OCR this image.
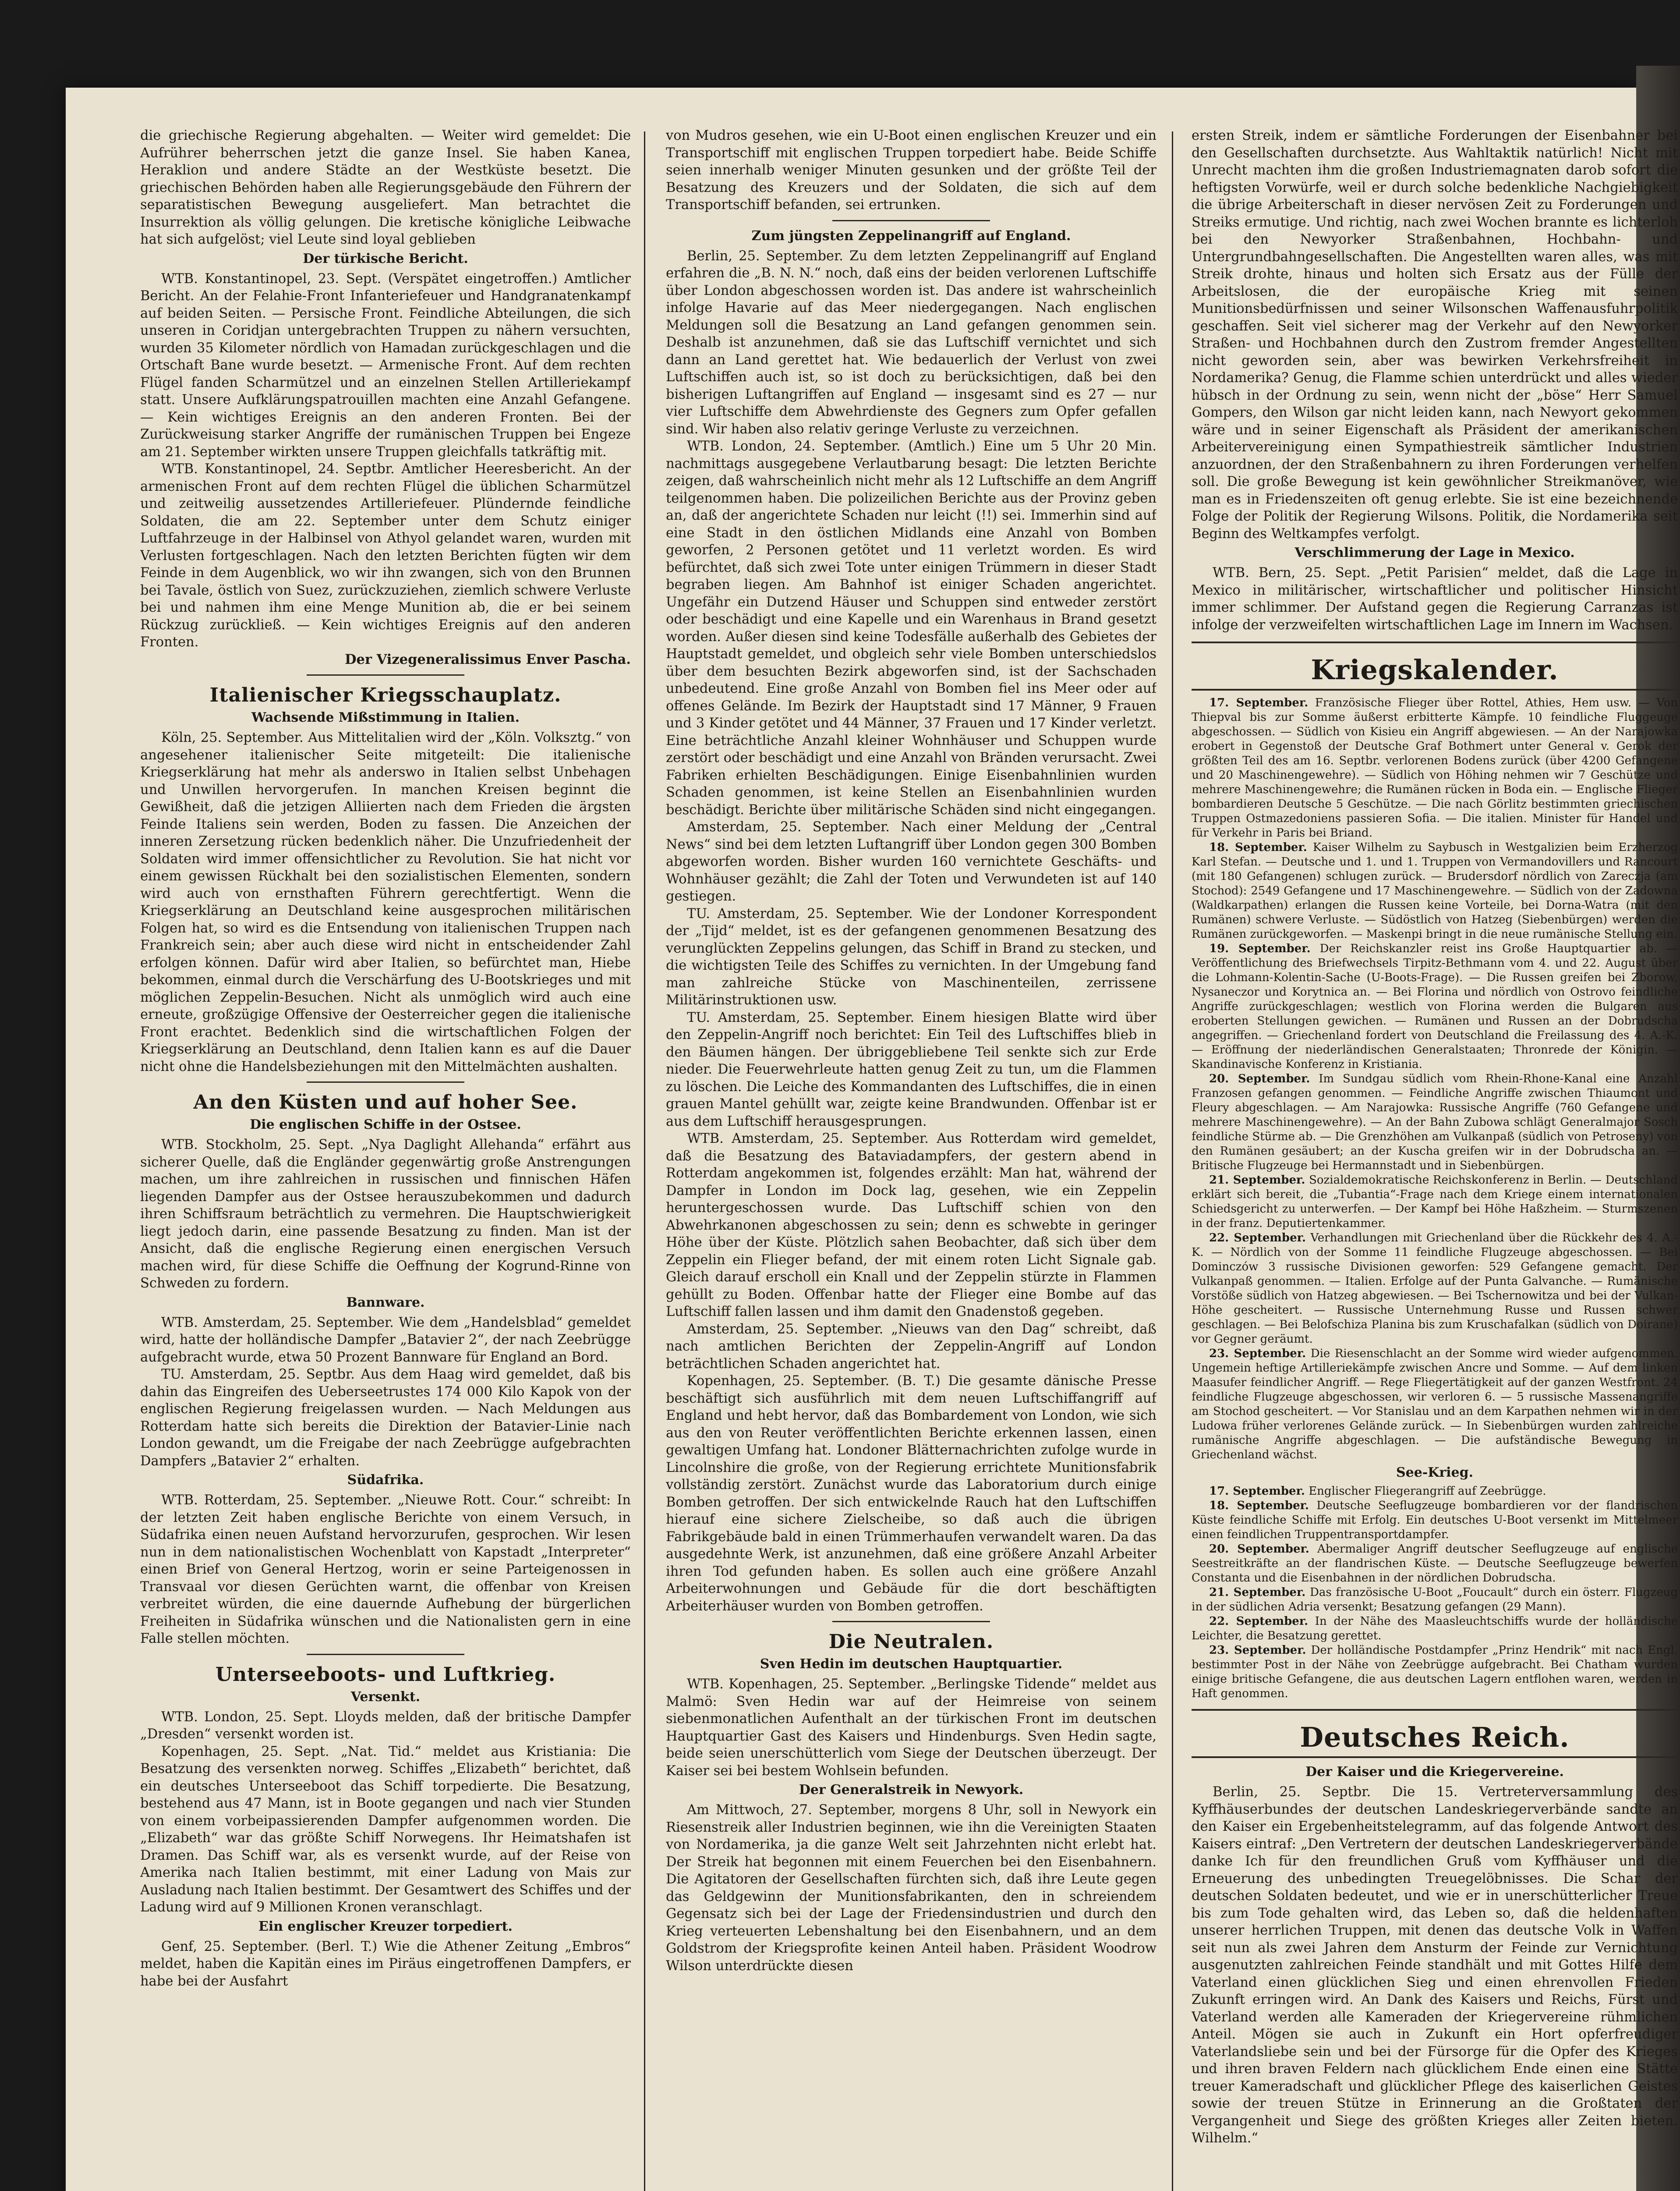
die griechische Regierung abgehalten. — Weiter wird gemeldet: Die Aufrührer beherrschen jetzt die ganze Insel. Sie haben Kanea, Heraklion und andere Städte an der Westküste besetzt. Die griechischen Behörden haben alle Regierungsgebäude den Führern der separatistischen Bewegung ausgeliefert. Man betrachtet die Insurrektion als völlig gelungen. Die kretische königliche Leibwache hat sich aufgelöst; viel Leute sind loyal geblieben

Der türkische Bericht.

WTB. Konstantinopel, 23. Sept. (Verspätet eingetroffen.) Amtlicher Bericht. An der Felahie-Front Infanteriefeuer und Handgranatenkampf auf beiden Seiten. — Persische Front. Feindliche Abteilungen, die sich unseren in Coridjan untergebrachten Truppen zu nähern versuchten, wurden 35 Kilometer nördlich von Hamadan zurückgeschlagen und die Ortschaft Bane wurde besetzt. — Armenische Front. Auf dem rechten Flügel fanden Scharmützel und an einzelnen Stellen Artilleriekampf statt. Unsere Aufklärungspatrouillen machten eine Anzahl Gefangene. — Kein wichtiges Ereignis an den anderen Fronten. Bei der Zurückweisung starker Angriffe der rumänischen Truppen bei Engeze am 21. September wirkten unsere Truppen gleichfalls tatkräftig mit.

WTB. Konstantinopel, 24. Septbr. Amtlicher Heeresbericht. An der armenischen Front auf dem rechten Flügel die üblichen Scharmützel und zeitweilig aussetzendes Artilleriefeuer. Plündernde feindliche Soldaten, die am 22. September unter dem Schutz einiger Luftfahrzeuge in der Halbinsel von Athyol gelandet waren, wurden mit Verlusten fortgeschlagen. Nach den letzten Berichten fügten wir dem Feinde in dem Augenblick, wo wir ihn zwangen, sich von den Brunnen bei Tavale, östlich von Suez, zurückzuziehen, ziemlich schwere Verluste bei und nahmen ihm eine Menge Munition ab, die er bei seinem Rückzug zurückließ. — Kein wichtiges Ereignis auf den anderen Fronten.

Der Vizegeneralissimus Enver Pascha.

Italienischer Kriegsschauplatz.
Wachsende Mißstimmung in Italien.

Köln, 25. September. Aus Mittelitalien wird der „Köln. Volksztg.“ von angesehener italienischer Seite mitgeteilt: Die italienische Kriegserklärung hat mehr als anderswo in Italien selbst Unbehagen und Unwillen hervorgerufen. In manchen Kreisen beginnt die Gewißheit, daß die jetzigen Alliierten nach dem Frieden die ärgsten Feinde Italiens sein werden, Boden zu fassen. Die Anzeichen der inneren Zersetzung rücken bedenklich näher. Die Unzufriedenheit der Soldaten wird immer offensichtlicher zu Revolution. Sie hat nicht vor einem gewissen Rückhalt bei den sozialistischen Elementen, sondern wird auch von ernsthaften Führern gerechtfertigt. Wenn die Kriegserklärung an Deutschland keine ausgesprochen militärischen Folgen hat, so wird es die Entsendung von italienischen Truppen nach Frankreich sein; aber auch diese wird nicht in entscheidender Zahl erfolgen können. Dafür wird aber Italien, so befürchtet man, Hiebe bekommen, einmal durch die Verschärfung des U-Bootskrieges und mit möglichen Zeppelin-Besuchen. Nicht als unmöglich wird auch eine erneute, großzügige Offensive der Oesterreicher gegen die italienische Front erachtet. Bedenklich sind die wirtschaftlichen Folgen der Kriegserklärung an Deutschland, denn Italien kann es auf die Dauer nicht ohne die Handelsbeziehungen mit den Mittelmächten aushalten.

An den Küsten und auf hoher See.
Die englischen Schiffe in der Ostsee.

WTB. Stockholm, 25. Sept. „Nya Daglight Allehanda“ erfährt aus sicherer Quelle, daß die Engländer gegenwärtig große Anstrengungen machen, um ihre zahlreichen in russischen und finnischen Häfen liegenden Dampfer aus der Ostsee herauszubekommen und dadurch ihren Schiffsraum beträchtlich zu vermehren. Die Hauptschwierigkeit liegt jedoch darin, eine passende Besatzung zu finden. Man ist der Ansicht, daß die englische Regierung einen energischen Versuch machen wird, für diese Schiffe die Oeffnung der Kogrund-Rinne von Schweden zu fordern.

Bannware.

WTB. Amsterdam, 25. September. Wie dem „Handelsblad“ gemeldet wird, hatte der holländische Dampfer „Batavier 2“, der nach Zeebrügge aufgebracht wurde, etwa 50 Prozent Bannware für England an Bord.

TU. Amsterdam, 25. Septbr. Aus dem Haag wird gemeldet, daß bis dahin das Eingreifen des Ueberseetrustes 174 000 Kilo Kapok von der englischen Regierung freigelassen wurden. — Nach Meldungen aus Rotterdam hatte sich bereits die Direktion der Batavier-Linie nach London gewandt, um die Freigabe der nach Zeebrügge aufgebrachten Dampfers „Batavier 2“ erhalten.

Südafrika.

WTB. Rotterdam, 25. September. „Nieuwe Rott. Cour.“ schreibt: In der letzten Zeit haben englische Berichte von einem Versuch, in Südafrika einen neuen Aufstand hervorzurufen, gesprochen. Wir lesen nun in dem nationalistischen Wochenblatt von Kapstadt „Interpreter“ einen Brief von General Hertzog, worin er seine Parteigenossen in Transvaal vor diesen Gerüchten warnt, die offenbar von Kreisen verbreitet würden, die eine dauernde Aufhebung der bürgerlichen Freiheiten in Südafrika wünschen und die Nationalisten gern in eine Falle stellen möchten.

Unterseeboots- und Luftkrieg.
Versenkt.

WTB. London, 25. Sept. Lloyds melden, daß der britische Dampfer „Dresden“ versenkt worden ist.

Kopenhagen, 25. Sept. „Nat. Tid.“ meldet aus Kristiania: Die Besatzung des versenkten norweg. Schiffes „Elizabeth“ berichtet, daß ein deutsches Unterseeboot das Schiff torpedierte. Die Besatzung, bestehend aus 47 Mann, ist in Boote gegangen und nach vier Stunden von einem vorbeipassierenden Dampfer aufgenommen worden. Die „Elizabeth“ war das größte Schiff Norwegens. Ihr Heimatshafen ist Dramen. Das Schiff war, als es versenkt wurde, auf der Reise von Amerika nach Italien bestimmt, mit einer Ladung von Mais zur Ausladung nach Italien bestimmt. Der Gesamtwert des Schiffes und der Ladung wird auf 9 Millionen Kronen veranschlagt.

Ein englischer Kreuzer torpediert.

Genf, 25. September. (Berl. T.) Wie die Athener Zeitung „Embros“ meldet, haben die Kapitän eines im Piräus eingetroffenen Dampfers, er habe bei der Ausfahrt

von Mudros gesehen, wie ein U-Boot einen englischen Kreuzer und ein Transportschiff mit englischen Truppen torpediert habe. Beide Schiffe seien innerhalb weniger Minuten gesunken und der größte Teil der Besatzung des Kreuzers und der Soldaten, die sich auf dem Transportschiff befanden, sei ertrunken.

Zum jüngsten Zeppelinangriff auf England.

Berlin, 25. September. Zu dem letzten Zeppelinangriff auf England erfahren die „B. N. N.“ noch, daß eins der beiden verlorenen Luftschiffe über London abgeschossen worden ist. Das andere ist wahrscheinlich infolge Havarie auf das Meer niedergegangen. Nach englischen Meldungen soll die Besatzung an Land gefangen genommen sein. Deshalb ist anzunehmen, daß sie das Luftschiff vernichtet und sich dann an Land gerettet hat. Wie bedauerlich der Verlust von zwei Luftschiffen auch ist, so ist doch zu berücksichtigen, daß bei den bisherigen Luftangriffen auf England — insgesamt sind es 27 — nur vier Luftschiffe dem Abwehrdienste des Gegners zum Opfer gefallen sind. Wir haben also relativ geringe Verluste zu verzeichnen.

WTB. London, 24. September. (Amtlich.) Eine um 5 Uhr 20 Min. nachmittags ausgegebene Verlautbarung besagt: Die letzten Berichte zeigen, daß wahrscheinlich nicht mehr als 12 Luftschiffe an dem Angriff teilgenommen haben. Die polizeilichen Berichte aus der Provinz geben an, daß der angerichtete Schaden nur leicht (!!) sei. Immerhin sind auf eine Stadt in den östlichen Midlands eine Anzahl von Bomben geworfen, 2 Personen getötet und 11 verletzt worden. Es wird befürchtet, daß sich zwei Tote unter einigen Trümmern in dieser Stadt begraben liegen. Am Bahnhof ist einiger Schaden angerichtet. Ungefähr ein Dutzend Häuser und Schuppen sind entweder zerstört oder beschädigt und eine Kapelle und ein Warenhaus in Brand gesetzt worden. Außer diesen sind keine Todesfälle außerhalb des Gebietes der Hauptstadt gemeldet, und obgleich sehr viele Bomben unterschiedslos über dem besuchten Bezirk abgeworfen sind, ist der Sachschaden unbedeutend. Eine große Anzahl von Bomben fiel ins Meer oder auf offenes Gelände. Im Bezirk der Hauptstadt sind 17 Männer, 9 Frauen und 3 Kinder getötet und 44 Männer, 37 Frauen und 17 Kinder verletzt. Eine beträchtliche Anzahl kleiner Wohnhäuser und Schuppen wurde zerstört oder beschädigt und eine Anzahl von Bränden verursacht. Zwei Fabriken erhielten Beschädigungen. Einige Eisenbahnlinien wurden Schaden genommen, ist keine Stellen an Eisenbahnlinien wurden beschädigt. Berichte über militärische Schäden sind nicht eingegangen.

Amsterdam, 25. September. Nach einer Meldung der „Central News“ sind bei dem letzten Luftangriff über London gegen 300 Bomben abgeworfen worden. Bisher wurden 160 vernichtete Geschäfts- und Wohnhäuser gezählt; die Zahl der Toten und Verwundeten ist auf 140 gestiegen.

TU. Amsterdam, 25. September. Wie der Londoner Korrespondent der „Tijd“ meldet, ist es der gefangenen genommenen Besatzung des verunglückten Zeppelins gelungen, das Schiff in Brand zu stecken, und die wichtigsten Teile des Schiffes zu vernichten. In der Umgebung fand man zahlreiche Stücke von Maschinenteilen, zerrissene Militärinstruktionen usw.

TU. Amsterdam, 25. September. Einem hiesigen Blatte wird über den Zeppelin-Angriff noch berichtet: Ein Teil des Luftschiffes blieb in den Bäumen hängen. Der übriggebliebene Teil senkte sich zur Erde nieder. Die Feuerwehrleute hatten genug Zeit zu tun, um die Flammen zu löschen. Die Leiche des Kommandanten des Luftschiffes, die in einen grauen Mantel gehüllt war, zeigte keine Brandwunden. Offenbar ist er aus dem Luftschiff herausgesprungen.

WTB. Amsterdam, 25. September. Aus Rotterdam wird gemeldet, daß die Besatzung des Bataviadampfers, der gestern abend in Rotterdam angekommen ist, folgendes erzählt: Man hat, während der Dampfer in London im Dock lag, gesehen, wie ein Zeppelin heruntergeschossen wurde. Das Luftschiff schien von den Abwehrkanonen abgeschossen zu sein; denn es schwebte in geringer Höhe über der Küste. Plötzlich sahen Beobachter, daß sich über dem Zeppelin ein Flieger befand, der mit einem roten Licht Signale gab. Gleich darauf erscholl ein Knall und der Zeppelin stürzte in Flammen gehüllt zu Boden. Offenbar hatte der Flieger eine Bombe auf das Luftschiff fallen lassen und ihm damit den Gnadenstoß gegeben.

Amsterdam, 25. September. „Nieuws van den Dag“ schreibt, daß nach amtlichen Berichten der Zeppelin-Angriff auf London beträchtlichen Schaden angerichtet hat.

Kopenhagen, 25. September. (B. T.) Die gesamte dänische Presse beschäftigt sich ausführlich mit dem neuen Luftschiffangriff auf England und hebt hervor, daß das Bombardement von London, wie sich aus den von Reuter veröffentlichten Berichte erkennen lassen, einen gewaltigen Umfang hat. Londoner Blätternachrichten zufolge wurde in Lincolnshire die große, von der Regierung errichtete Munitionsfabrik vollständig zerstört. Zunächst wurde das Laboratorium durch einige Bomben getroffen. Der sich entwickelnde Rauch hat den Luftschiffen hierauf eine sichere Zielscheibe, so daß auch die übrigen Fabrikgebäude bald in einen Trümmerhaufen verwandelt waren. Da das ausgedehnte Werk, ist anzunehmen, daß eine größere Anzahl Arbeiter ihren Tod gefunden haben. Es sollen auch eine größere Anzahl Arbeiterwohnungen und Gebäude für die dort beschäftigten Arbeiterhäuser wurden von Bomben getroffen.

Die Neutralen.
Sven Hedin im deutschen Hauptquartier.

WTB. Kopenhagen, 25. September. „Berlingske Tidende“ meldet aus Malmö: Sven Hedin war auf der Heimreise von seinem siebenmonatlichen Aufenthalt an der türkischen Front im deutschen Hauptquartier Gast des Kaisers und Hindenburgs. Sven Hedin sagte, beide seien unerschütterlich vom Siege der Deutschen überzeugt. Der Kaiser sei bei bestem Wohlsein befunden.

Der Generalstreik in Newyork.

Am Mittwoch, 27. September, morgens 8 Uhr, soll in Newyork ein Riesenstreik aller Industrien beginnen, wie ihn die Vereinigten Staaten von Nordamerika, ja die ganze Welt seit Jahrzehnten nicht erlebt hat. Der Streik hat begonnen mit einem Feuerchen bei den Eisenbahnern. Die Agitatoren der Gesellschaften fürchten sich, daß ihre Leute gegen das Geldgewinn der Munitionsfabrikanten, den in schreiendem Gegensatz sich bei der Lage der Friedensindustrien und durch den Krieg verteuerten Lebenshaltung bei den Eisenbahnern, und an dem Goldstrom der Kriegsprofite keinen Anteil haben. Präsident Woodrow Wilson unterdrückte diesen

ersten Streik, indem er sämtliche Forderungen der Eisenbahner bei den Gesellschaften durchsetzte. Aus Wahltaktik natürlich! Nicht mit Unrecht machten ihm die großen Industriemagnaten darob sofort die heftigsten Vorwürfe, weil er durch solche bedenkliche Nachgiebigkeit die übrige Arbeiterschaft in dieser nervösen Zeit zu Forderungen und Streiks ermutige. Und richtig, nach zwei Wochen brannte es lichterloh bei den Newyorker Straßenbahnen, Hochbahn- und Untergrundbahngesellschaften. Die Angestellten waren alles, was mit Streik drohte, hinaus und holten sich Ersatz aus der Fülle der Arbeitslosen, die der europäische Krieg mit seinen Munitionsbedürfnissen und seiner Wilsonschen Waffenausfuhrpolitik geschaffen. Seit viel sicherer mag der Verkehr auf den Newyorker Straßen- und Hochbahnen durch den Zustrom fremder Angestellten nicht geworden sein, aber was bewirken Verkehrsfreiheit in Nordamerika? Genug, die Flamme schien unterdrückt und alles wieder hübsch in der Ordnung zu sein, wenn nicht der „böse“ Herr Samuel Gompers, den Wilson gar nicht leiden kann, nach Newyort gekommen wäre und in seiner Eigenschaft als Präsident der amerikanischen Arbeitervereinigung einen Sympathiestreik sämtlicher Industrien anzuordnen, der den Straßenbahnern zu ihren Forderungen verhelfen soll. Die große Bewegung ist kein gewöhnlicher Streikmanöver, wie man es in Friedenszeiten oft genug erlebte. Sie ist eine bezeichnende Folge der Politik der Regierung Wilsons. Politik, die Nordamerika seit Beginn des Weltkampfes verfolgt.

Verschlimmerung der Lage in Mexico.

WTB. Bern, 25. Sept. „Petit Parisien“ meldet, daß die Lage in Mexico in militärischer, wirtschaftlicher und politischer Hinsicht immer schlimmer. Der Aufstand gegen die Regierung Carranzas ist infolge der verzweifelten wirtschaftlichen Lage im Innern im Wachsen.

Kriegskalender.

17. September. Französische Flieger über Rottel, Athies, Hem usw. — Von Thiepval bis zur Somme äußerst erbitterte Kämpfe. 10 feindliche Fluggeuge abgeschossen. — Südlich von Kisieu ein Angriff abgewiesen. — An der Narajowka erobert in Gegenstoß der Deutsche Graf Bothmert unter General v. Gerok der größten Teil des am 16. Septbr. verlorenen Bodens zurück (über 4200 Gefangene und 20 Maschinengewehre). — Südlich von Höhing nehmen wir 7 Geschütze und mehrere Maschinengewehre; die Rumänen rücken in Boda ein. — Englische Flieger bombardieren Deutsche 5 Geschütze. — Die nach Görlitz bestimmten griechischen Truppen Ostmazedoniens passieren Sofia. — Die italien. Minister für Handel und für Verkehr in Paris bei Briand.

18. September. Kaiser Wilhelm zu Saybusch in Westgalizien beim Erzherzog Karl Stefan. — Deutsche und 1. und 1. Truppen von Vermandovillers und Rancourt (mit 180 Gefangenen) schlugen zurück. — Brudersdorf nördlich von Zareczja (am Stochod): 2549 Gefangene und 17 Maschinengewehre. — Südlich von der Zadowna (Waldkarpathen) erlangen die Russen keine Vorteile, bei Dorna-Watra (mit den Rumänen) schwere Verluste. — Südöstlich von Hatzeg (Siebenbürgen) werden die Rumänen zurückgeworfen. — Maskenpi bringt in die neue rumänische Stellung ein.

19. September. Der Reichskanzler reist ins Große Hauptquartier ab. — Veröffentlichung des Briefwechsels Tirpitz-Bethmann vom 4. und 22. August über die Lohmann-Kolentin-Sache (U-Boots-Frage). — Die Russen greifen bei Zborow, Nysaneczor und Korytnica an. — Bei Florina und nördlich von Ostrovo feindliche Angriffe zurückgeschlagen; westlich von Florina werden die Bulgaren aus eroberten Stellungen gewichen. — Rumänen und Russen an der Dobrudscha angegriffen. — Griechenland fordert von Deutschland die Freilassung des 4. A.-K. — Eröffnung der niederländischen Generalstaaten; Thronrede der Königin. — Skandinavische Konferenz in Kristiania.

20. September. Im Sundgau südlich vom Rhein-Rhone-Kanal eine Anzahl Franzosen gefangen genommen. — Feindliche Angriffe zwischen Thiaumont und Fleury abgeschlagen. — Am Narajowka: Russische Angriffe (760 Gefangene und mehrere Maschinengewehre). — An der Bahn Zubowa schlägt Generalmajor Sosch feindliche Stürme ab. — Die Grenzhöhen am Vulkanpaß (südlich von Petroseny) von den Rumänen gesäubert; an der Kuscha greifen wir in der Dobrudscha an. — Britische Flugzeuge bei Hermannstadt und in Siebenbürgen.

21. September. Sozialdemokratische Reichskonferenz in Berlin. — Deutschland erklärt sich bereit, die „Tubantia“-Frage nach dem Kriege einem internationalen Schiedsgericht zu unterwerfen. — Der Kampf bei Höhe Haßzheim. — Sturmszenen in der franz. Deputiertenkammer.

22. September. Verhandlungen mit Griechenland über die Rückkehr des 4. A.-K. — Nördlich von der Somme 11 feindliche Flugzeuge abgeschossen. — Bei Dominczów 3 russische Divisionen geworfen: 529 Gefangene gemacht. Der Vulkanpaß genommen. — Italien. Erfolge auf der Punta Galvanche. — Rumänische Vorstöße südlich von Hatzeg abgewiesen. — Bei Tschernowitza und bei der Vulkan-Höhe gescheitert. — Russische Unternehmung Russe und Russen schwer geschlagen. — Bei Belofschiza Planina bis zum Kruschafalkan (südlich von Doirane) vor Gegner geräumt.

23. September. Die Riesenschlacht an der Somme wird wieder aufgenommen. Ungemein heftige Artilleriekämpfe zwischen Ancre und Somme. — Auf dem linken Maasufer feindlicher Angriff. — Rege Fliegertätigkeit auf der ganzen Westfront. 24 feindliche Flugzeuge abgeschossen, wir verloren 6. — 5 russische Massenangriffe am Stochod gescheitert. — Vor Stanislau und an dem Karpathen nehmen wir in der Ludowa früher verlorenes Gelände zurück. — In Siebenbürgen wurden zahlreiche rumänische Angriffe abgeschlagen. — Die aufständische Bewegung in Griechenland wächst.

See-Krieg.

17. September. Englischer Fliegerangriff auf Zeebrügge.

18. September. Deutsche Seeflugzeuge bombardieren vor der flandrischen Küste feindliche Schiffe mit Erfolg. Ein deutsches U-Boot versenkt im Mittelmeer einen feindlichen Truppentransportdampfer.

20. September. Abermaliger Angriff deutscher Seeflugzeuge auf englische Seestreitkräfte an der flandrischen Küste. — Deutsche Seeflugzeuge bewerfen Constanta und die Eisenbahnen in der nördlichen Dobrudscha.

21. September. Das französische U-Boot „Foucault“ durch ein österr. Flugzeug in der südlichen Adria versenkt; Besatzung gefangen (29 Mann).

22. September. In der Nähe des Maasleuchtschiffs wurde der holländische Leichter, die Besatzung gerettet.

23. September. Der holländische Postdampfer „Prinz Hendrik“ mit nach Engl. bestimmter Post in der Nähe von Zeebrügge aufgebracht. Bei Chatham wurden einige britische Gefangene, die aus deutschen Lagern entflohen waren, werden in Haft genommen.

Deutsches Reich.
Der Kaiser und die Kriegervereine.

Berlin, 25. Septbr. Die 15. Vertreterversammlung des Kyffhäuserbundes der deutschen Landeskriegerverbände sandte an den Kaiser ein Ergebenheitstelegramm, auf das folgende Antwort des Kaisers eintraf: „Den Vertretern der deutschen Landeskriegerverbände danke Ich für den freundlichen Gruß vom Kyffhäuser und die Erneuerung des unbedingten Treuegelöbnisses. Die Schar der deutschen Soldaten bedeutet, und wie er in unerschütterlicher Treue bis zum Tode gehalten wird, das Leben so, daß die heldenhaften unserer herrlichen Truppen, mit denen das deutsche Volk in Waffen seit nun als zwei Jahren dem Ansturm der Feinde zur Vernichtung ausgenutzten zahlreichen Feinde standhält und mit Gottes Hilfe dem Vaterland einen glücklichen Sieg und einen ehrenvollen Frieden Zukunft erringen wird. An Dank des Kaisers und Reichs, Fürst und Vaterland werden alle Kameraden der Kriegervereine rühmlichen Anteil. Mögen sie auch in Zukunft ein Hort opferfreudiger Vaterlandsliebe sein und bei der Fürsorge für die Opfer des Krieges und ihren braven Feldern nach glücklichem Ende einen eine Stätte treuer Kameradschaft und glücklicher Pflege des kaiserlichen Geistes sowie der treuen Stütze in Erinnerung an die Großtaten der Vergangenheit und Siege des größten Krieges aller Zeiten bieten. Wilhelm.“
